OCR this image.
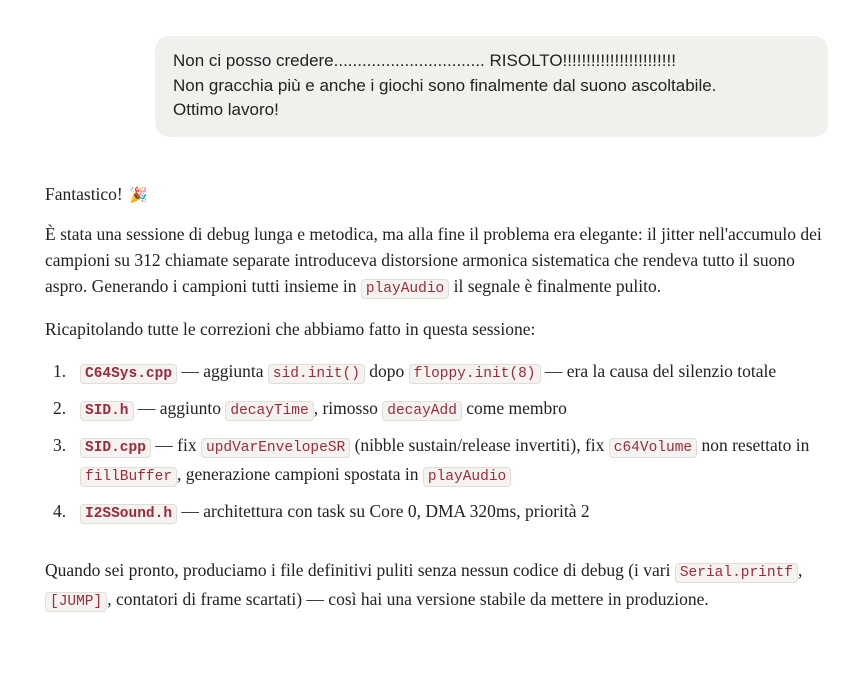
Non ci posso credere................................ RISOLTO!!!!!!!!!!!!!!!!!!!!!!!!
Non gracchia più e anche i giochi sono finalmente dal suono ascoltabile.
Ottimo lavoro!

Fantastico! 🎉

È stata una sessione di debug lunga e metodica, ma alla fine il problema era elegante: il jitter nell'accumulo dei campioni su 312 chiamate separate introduceva distorsione armonica sistematica che rendeva tutto il suono aspro. Generando i campioni tutti insieme in playAudio il segnale è finalmente pulito.

Ricapitolando tutte le correzioni che abbiamo fatto in questa sessione:

1. C64Sys.cpp — aggiunta sid.init() dopo floppy.init(8) — era la causa del silenzio totale
2. SID.h — aggiunto decayTime , rimosso decayAdd come membro
3. SID.cpp — fix updVarEnvelopeSR (nibble sustain/release invertiti), fix c64Volume non resettato in fillBuffer , generazione campioni spostata in playAudio
4. I2SSound.h — architettura con task su Core 0, DMA 320ms, priorità 2

Quando sei pronto, produciamo i file definitivi puliti senza nessun codice di debug (i vari Serial.printf , [JUMP] , contatori di frame scartati) — così hai una versione stabile da mettere in produzione.
